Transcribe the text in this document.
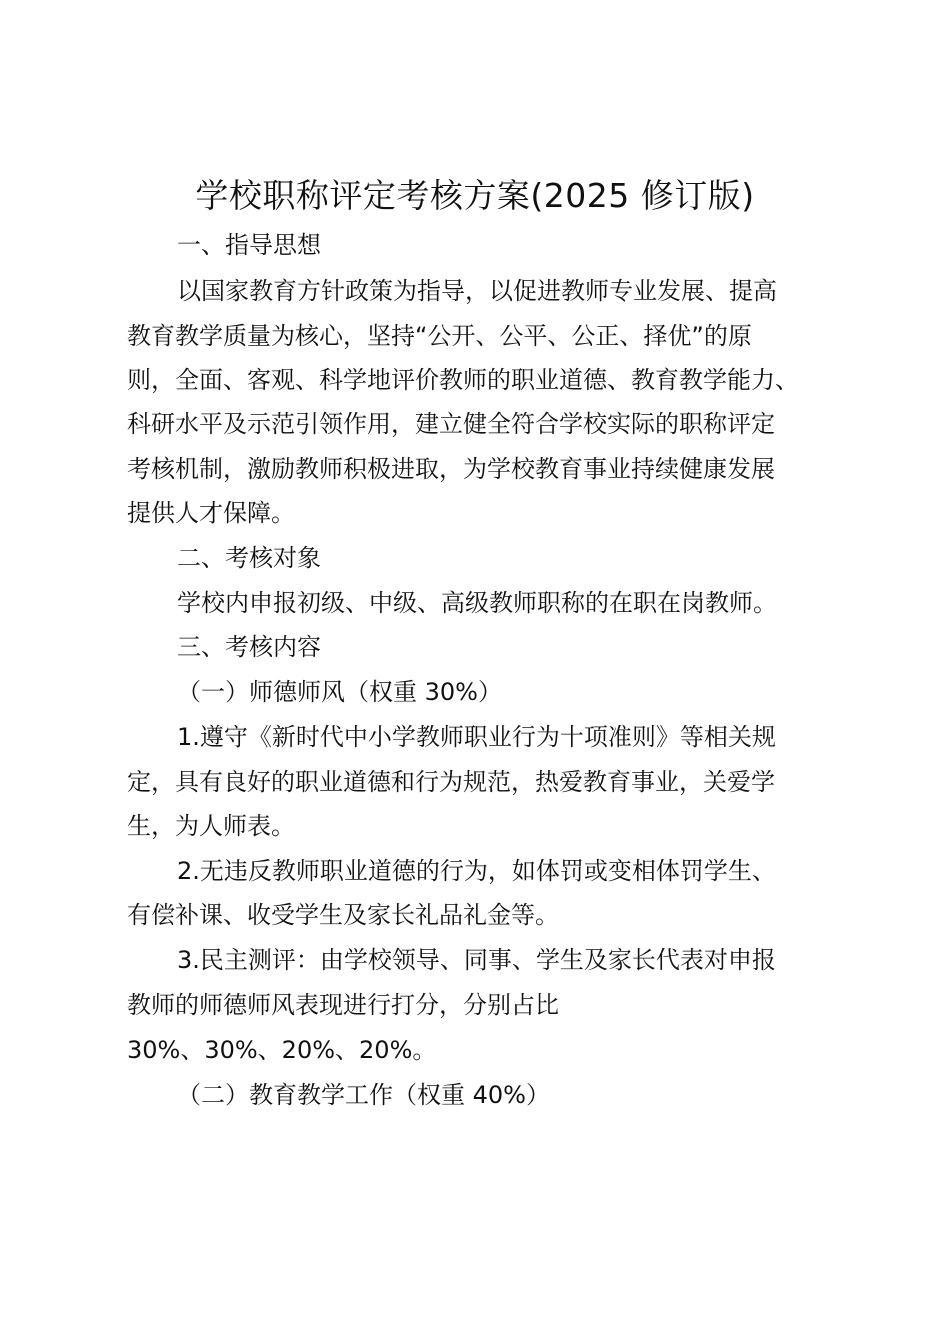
学校职称评定考核方案(2025 修订版)
一、指导思想
以国家教育方针政策为指导，以促进教师专业发展、提高
教育教学质量为核心，坚持“公开、公平、公正、择优”的原
则，全面、客观、科学地评价教师的职业道德、教育教学能力、
科研水平及示范引领作用，建立健全符合学校实际的职称评定
考核机制，激励教师积极进取，为学校教育事业持续健康发展
提供人才保障。
二、考核对象
学校内申报初级、中级、高级教师职称的在职在岗教师。
三、考核内容
（一）师德师风（权重 30%）
1.遵守《新时代中小学教师职业行为十项准则》等相关规
定，具有良好的职业道德和行为规范，热爱教育事业，关爱学
生，为人师表。
2.无违反教师职业道德的行为，如体罚或变相体罚学生、
有偿补课、收受学生及家长礼品礼金等。
3.民主测评：由学校领导、同事、学生及家长代表对申报
教师的师德师风表现进行打分，分别占比
30%、30%、20%、20%。
（二）教育教学工作（权重 40%）
